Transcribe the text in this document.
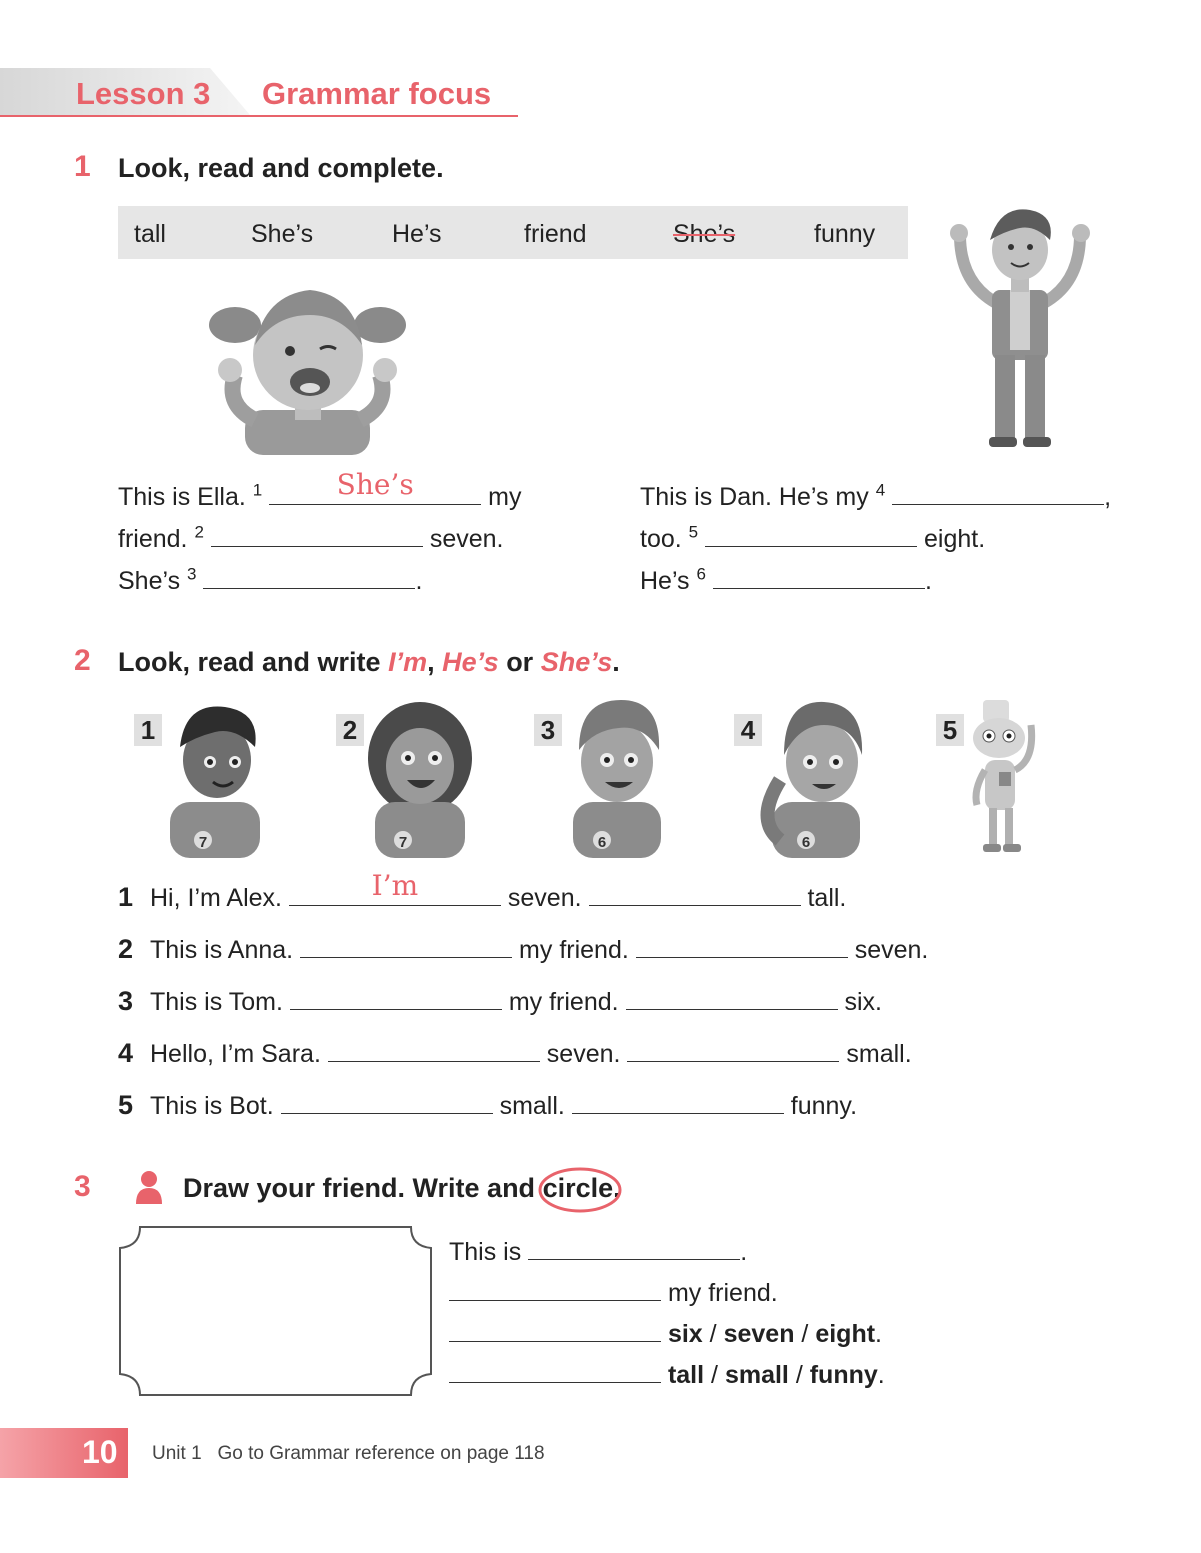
Lesson 3 Grammar focus
1 Look, read and complete.
tall	She’s	He’s	friend	She’s	funny
This is Ella. $^1$	She’s	my
friend. $^2$	seven.
She’s $^3$	.
This is Dan. He’s my $^4$	,
too. $^5$	eight.
He’s $^6$	.
2 Look, read and write I’m, He’s or She’s.
1	2	3	4	5
7	7	6	6
1 Hi, I’m Alex.	I’m	seven.	tall.
2 This is Anna.	my friend.	seven.
3 This is Tom.	my friend.	six.
4 Hello, I’m Sara.	seven.	small.
5 This is Bot.	small.	funny.
3	Draw your friend. Write and circle
.
This is	.
my friend.
six / seven / eight.
tall / small / funny.
10 Unit 1 Go to Grammar reference on page 118
